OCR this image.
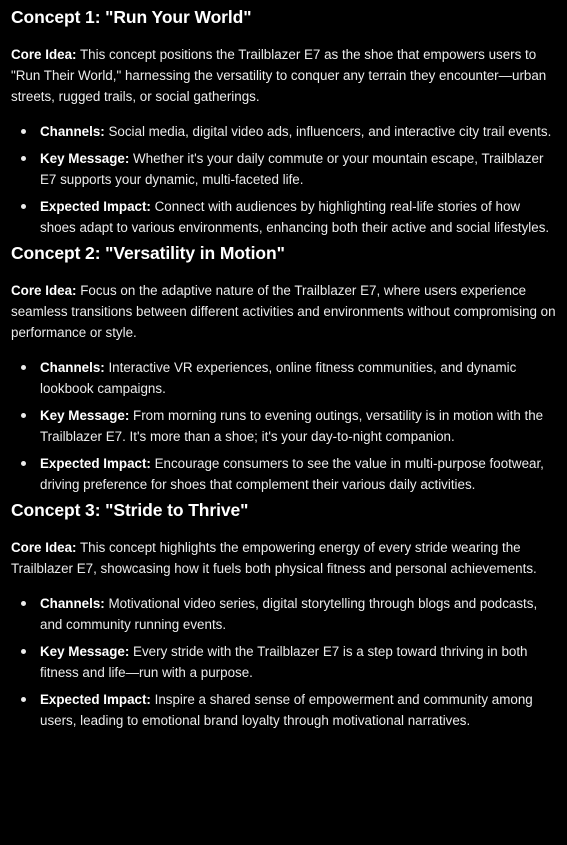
Concept 1: "Run Your World"

Core Idea: This concept positions the Trailblazer E7 as the shoe that empowers users to "Run Their World," harnessing the versatility to conquer any terrain they encounter—urban streets, rugged trails, or social gatherings.

Channels: Social media, digital video ads, influencers, and interactive city trail events.
Key Message: Whether it's your daily commute or your mountain escape, Trailblazer E7 supports your dynamic, multi-faceted life.
Expected Impact: Connect with audiences by highlighting real-life stories of how shoes adapt to various environments, enhancing both their active and social lifestyles.
Concept 2: "Versatility in Motion"

Core Idea: Focus on the adaptive nature of the Trailblazer E7, where users experience seamless transitions between different activities and environments without compromising on performance or style.

Channels: Interactive VR experiences, online fitness communities, and dynamic lookbook campaigns.
Key Message: From morning runs to evening outings, versatility is in motion with the Trailblazer E7. It's more than a shoe; it's your day-to-night companion.
Expected Impact: Encourage consumers to see the value in multi-purpose footwear, driving preference for shoes that complement their various daily activities.
Concept 3: "Stride to Thrive"

Core Idea: This concept highlights the empowering energy of every stride wearing the Trailblazer E7, showcasing how it fuels both physical fitness and personal achievements.

Channels: Motivational video series, digital storytelling through blogs and podcasts, and community running events.
Key Message: Every stride with the Trailblazer E7 is a step toward thriving in both fitness and life—run with a purpose.
Expected Impact: Inspire a shared sense of empowerment and community among users, leading to emotional brand loyalty through motivational narratives.
